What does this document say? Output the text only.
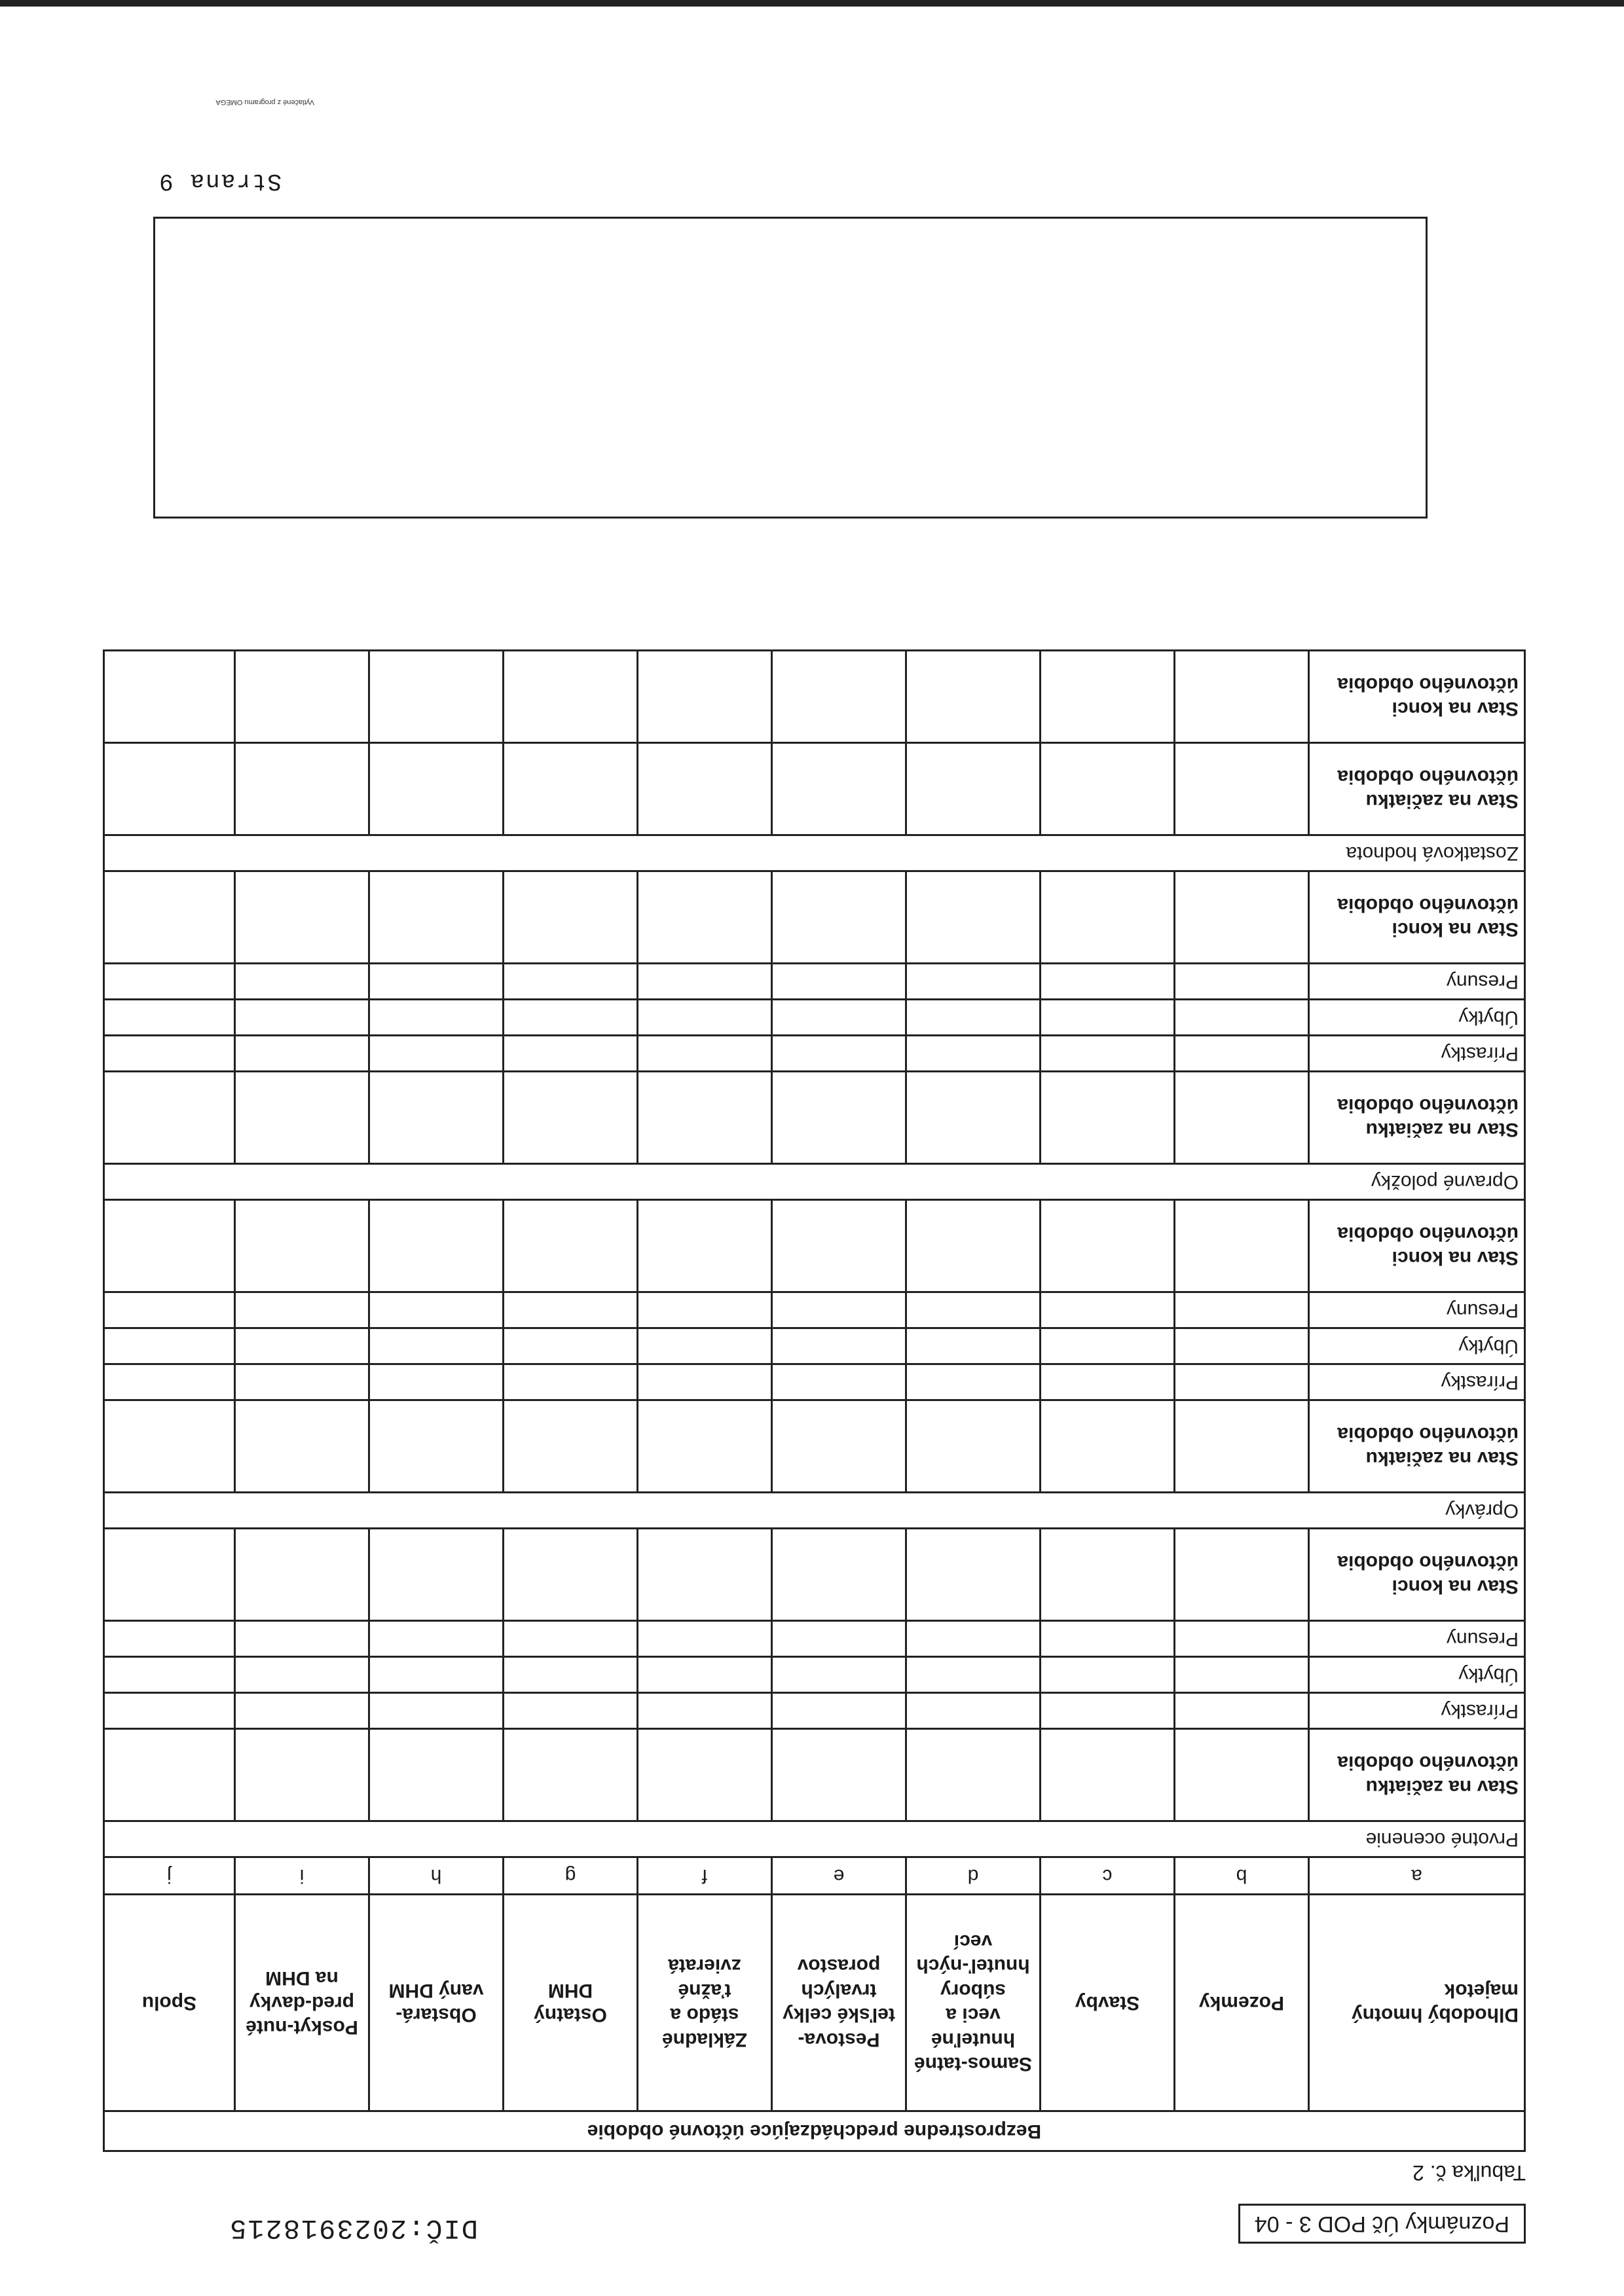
Poznámky Úč POD 3 - 04
DIČ:2023918215
Tabuľka č. 2
Bezprostredne predchádzajúce účtovné obdobie									
Dlhodobý hmotný majetok	Pozemky	Stavby	Samos-tatné hnuteľné veci a súbory hnuteľ-ných vecí	Pestova-teľské celky trvalých porastov	Základné stádo a ťažné zvieratá	Ostatný DHM	Obstará-vaný DHM	Poskyt-nuté pred-davky na DHM	Spolu
a	b	c	d	e	f	g	h	i	j
Prvotné ocenenie									
Stav na začiatku účtovného obdobia									
Prírastky									
Úbytky									
Presuny									
Stav na konci účtovného obdobia									
Oprávky									
Stav na začiatku účtovného obdobia									
Prírastky									
Úbytky									
Presuny									
Stav na konci účtovného obdobia									
Opravné položky									
Stav na začiatku účtovného obdobia									
Prírastky									
Úbytky									
Presuny									
Stav na konci účtovného obdobia									
Zostatková hodnota									
Stav na začiatku účtovného obdobia									
Stav na konci účtovného obdobia									
Strana 9
Vytlačené z programu OMEGA
